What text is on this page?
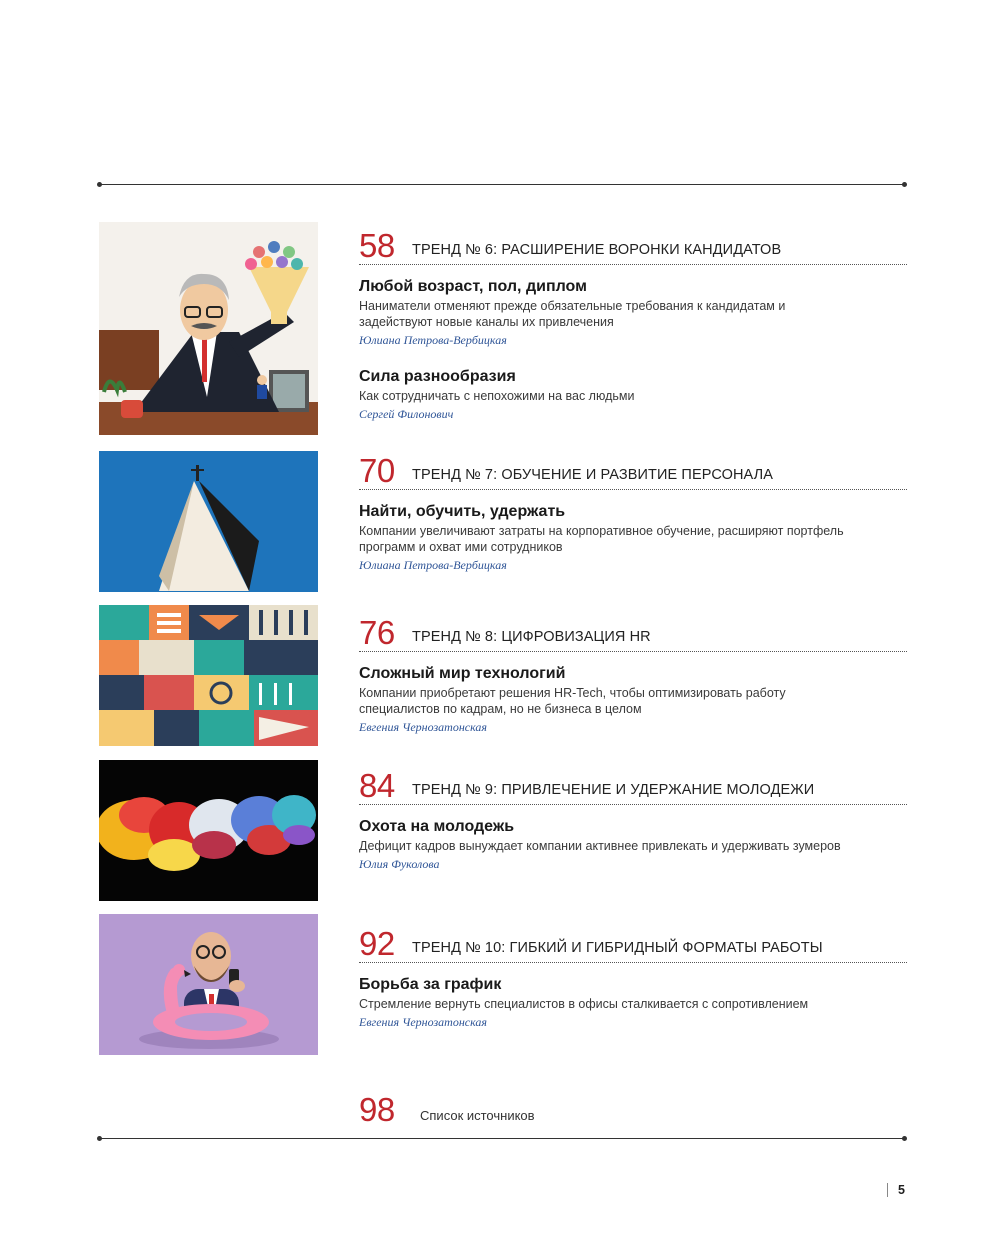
58 ТРЕНД № 6: РАСШИРЕНИЕ ВОРОНКИ КАНДИДАТОВ
Любой возраст, пол, диплом
Наниматели отменяют прежде обязательные требования к кандидатам и задействуют новые каналы их привлечения
Юлиана Петрова-Вербицкая
Сила разнообразия
Как сотрудничать с непохожими на вас людьми
Сергей Филонович
70 ТРЕНД № 7: ОБУЧЕНИЕ И РАЗВИТИЕ ПЕРСОНАЛА
Найти, обучить, удержать
Компании увеличивают затраты на корпоративное обучение, расширяют портфель программ и охват ими сотрудников
Юлиана Петрова-Вербицкая
76 ТРЕНД № 8: ЦИФРОВИЗАЦИЯ HR
Сложный мир технологий
Компании приобретают решения HR-Tech, чтобы оптимизировать работу специалистов по кадрам, но не бизнеса в целом
Евгения Чернозатонская
84 ТРЕНД № 9: ПРИВЛЕЧЕНИЕ И УДЕРЖАНИЕ МОЛОДЕЖИ
Охота на молодежь
Дефицит кадров вынуждает компании активнее привлекать и удерживать зумеров
Юлия Фуколова
92 ТРЕНД № 10: ГИБКИЙ И ГИБРИДНЫЙ ФОРМАТЫ РАБОТЫ
Борьба за график
Стремление вернуть специалистов в офисы сталкивается с сопротивлением
Евгения Чернозатонская
98 Список источников
5
